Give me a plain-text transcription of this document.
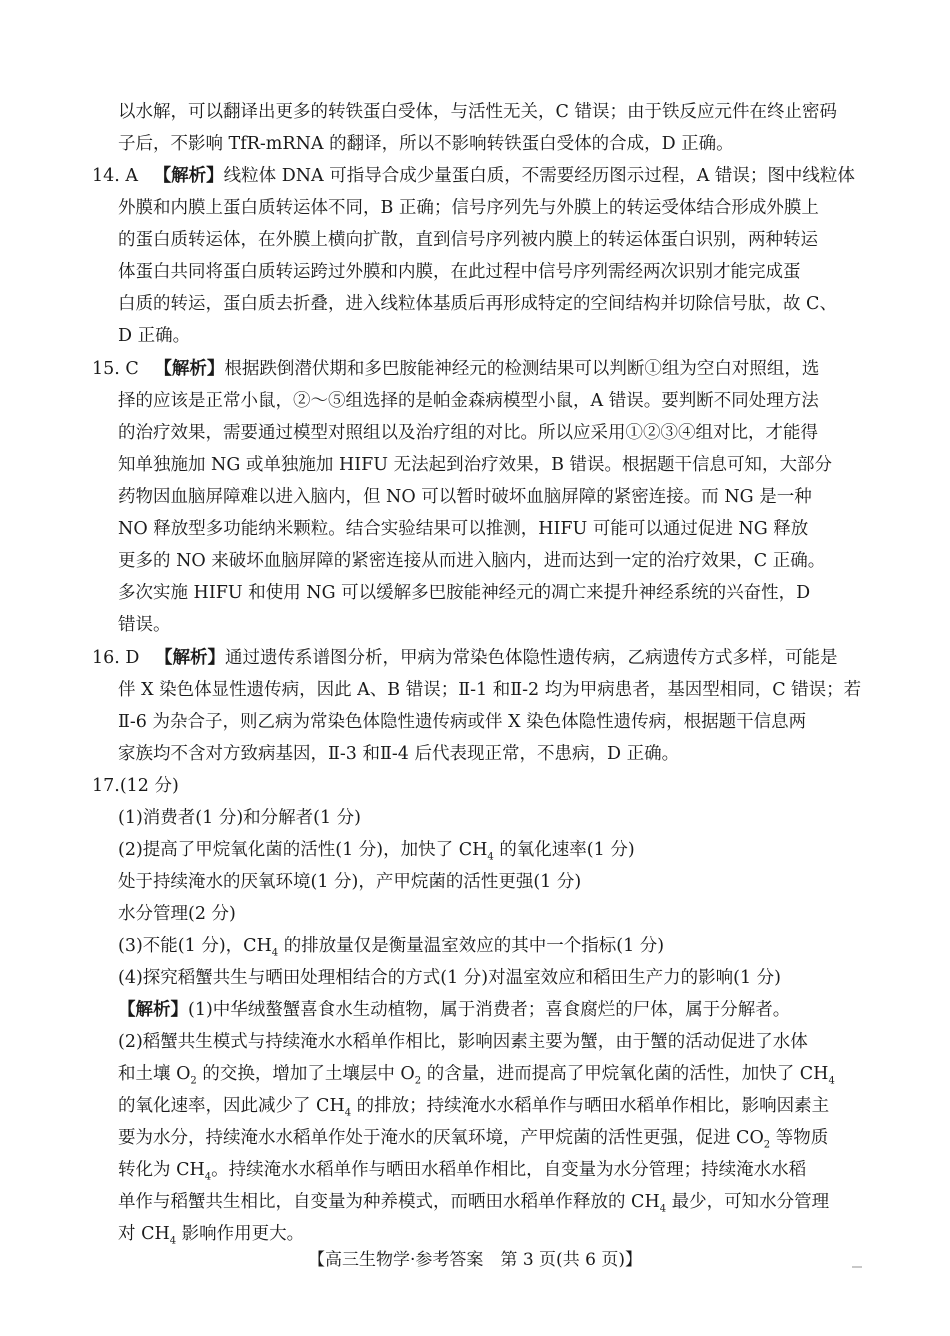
以水解，可以翻译出更多的转铁蛋白受体，与活性无关，C 错误；由于铁反应元件在终止密码
子后，不影响 TfR-mRNA 的翻译，所以不影响转铁蛋白受体的合成，D 正确。
14. A 【解析】线粒体 DNA 可指导合成少量蛋白质，不需要经历图示过程，A 错误；图中线粒体
外膜和内膜上蛋白质转运体不同，B 正确；信号序列先与外膜上的转运受体结合形成外膜上
的蛋白质转运体，在外膜上横向扩散，直到信号序列被内膜上的转运体蛋白识别，两种转运
体蛋白共同将蛋白质转运跨过外膜和内膜，在此过程中信号序列需经两次识别才能完成蛋
白质的转运，蛋白质去折叠，进入线粒体基质后再形成特定的空间结构并切除信号肽，故 C、
D 正确。
15. C 【解析】根据跌倒潜伏期和多巴胺能神经元的检测结果可以判断①组为空白对照组，选
择的应该是正常小鼠，②～⑤组选择的是帕金森病模型小鼠，A 错误。要判断不同处理方法
的治疗效果，需要通过模型对照组以及治疗组的对比。所以应采用①②③④组对比，才能得
知单独施加 NG 或单独施加 HIFU 无法起到治疗效果，B 错误。根据题干信息可知，大部分
药物因血脑屏障难以进入脑内，但 NO 可以暂时破坏血脑屏障的紧密连接。而 NG 是一种
NO 释放型多功能纳米颗粒。结合实验结果可以推测，HIFU 可能可以通过促进 NG 释放
更多的 NO 来破坏血脑屏障的紧密连接从而进入脑内，进而达到一定的治疗效果，C 正确。
多次实施 HIFU 和使用 NG 可以缓解多巴胺能神经元的凋亡来提升神经系统的兴奋性，D
错误。
16. D 【解析】通过遗传系谱图分析，甲病为常染色体隐性遗传病，乙病遗传方式多样，可能是
伴 X 染色体显性遗传病，因此 A、B 错误；Ⅱ-1 和Ⅱ-2 均为甲病患者，基因型相同，C 错误；若
Ⅱ-6 为杂合子，则乙病为常染色体隐性遗传病或伴 X 染色体隐性遗传病，根据题干信息两
家族均不含对方致病基因，Ⅱ-3 和Ⅱ-4 后代表现正常，不患病，D 正确。
17.(12 分)
(1)消费者(1 分)和分解者(1 分)
(2)提高了甲烷氧化菌的活性(1 分)，加快了 $CH_4$ 的氧化速率(1 分)
处于持续淹水的厌氧环境(1 分)，产甲烷菌的活性更强(1 分)
水分管理(2 分)
(3)不能(1 分)，$CH_4$ 的排放量仅是衡量温室效应的其中一个指标(1 分)
(4)探究稻蟹共生与晒田处理相结合的方式(1 分)对温室效应和稻田生产力的影响(1 分)
【解析】(1)中华绒螯蟹喜食水生动植物，属于消费者；喜食腐烂的尸体，属于分解者。
(2)稻蟹共生模式与持续淹水水稻单作相比，影响因素主要为蟹，由于蟹的活动促进了水体
和土壤 $O_2$ 的交换，增加了土壤层中 $O_2$ 的含量，进而提高了甲烷氧化菌的活性，加快了 $CH_4$
的氧化速率，因此减少了 $CH_4$ 的排放；持续淹水水稻单作与晒田水稻单作相比，影响因素主
要为水分，持续淹水水稻单作处于淹水的厌氧环境，产甲烷菌的活性更强，促进 $CO_2$ 等物质
转化为 $CH_4$。持续淹水水稻单作与晒田水稻单作相比，自变量为水分管理；持续淹水水稻
单作与稻蟹共生相比，自变量为种养模式，而晒田水稻单作释放的 $CH_4$ 最少，可知水分管理
对 $CH_4$ 影响作用更大。
【高三生物学·参考答案　第 3 页(共 6 页)】
